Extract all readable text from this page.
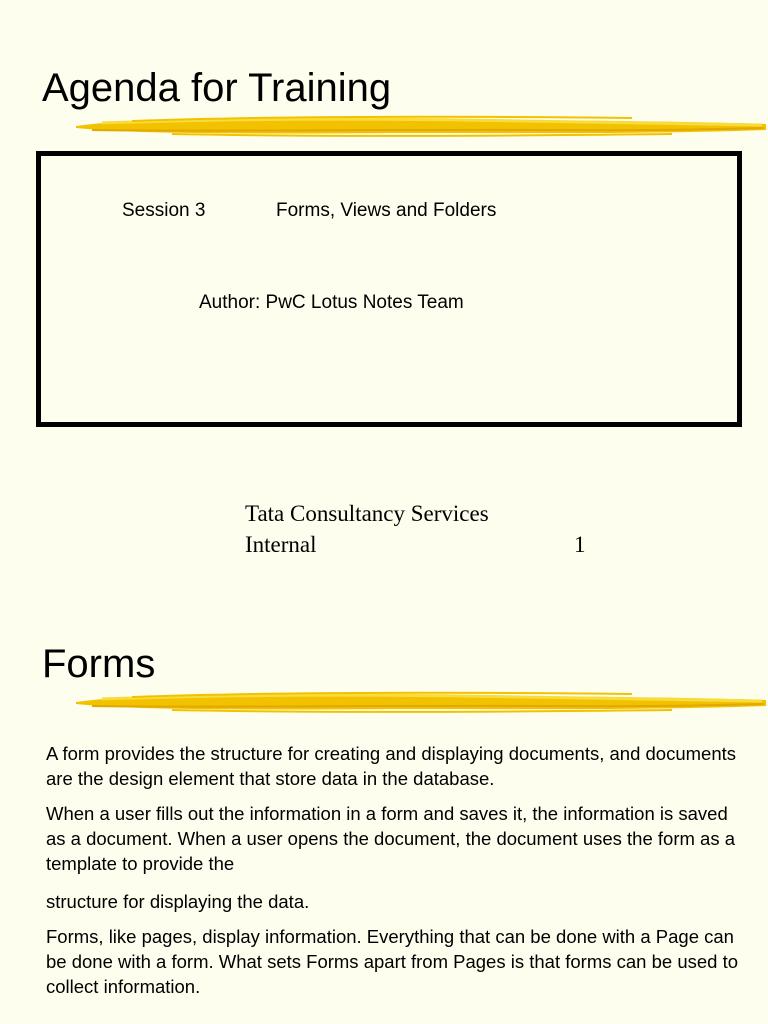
Agenda for Training
Session 3	Forms, Views and Folders
Author: PwC Lotus Notes Team
Tata Consultancy Services
Internal	1
Forms

A form provides the structure for creating and displaying documents, and documents are the design element that store data in the database.

When a user fills out the information in a form and saves it, the information is saved as a document. When a user opens the document, the document uses the form as a template to provide the

structure for displaying the data.

Forms, like pages, display information. Everything that can be done with a Page can be done with a form. What sets Forms apart from Pages is that forms can be used to collect information.
